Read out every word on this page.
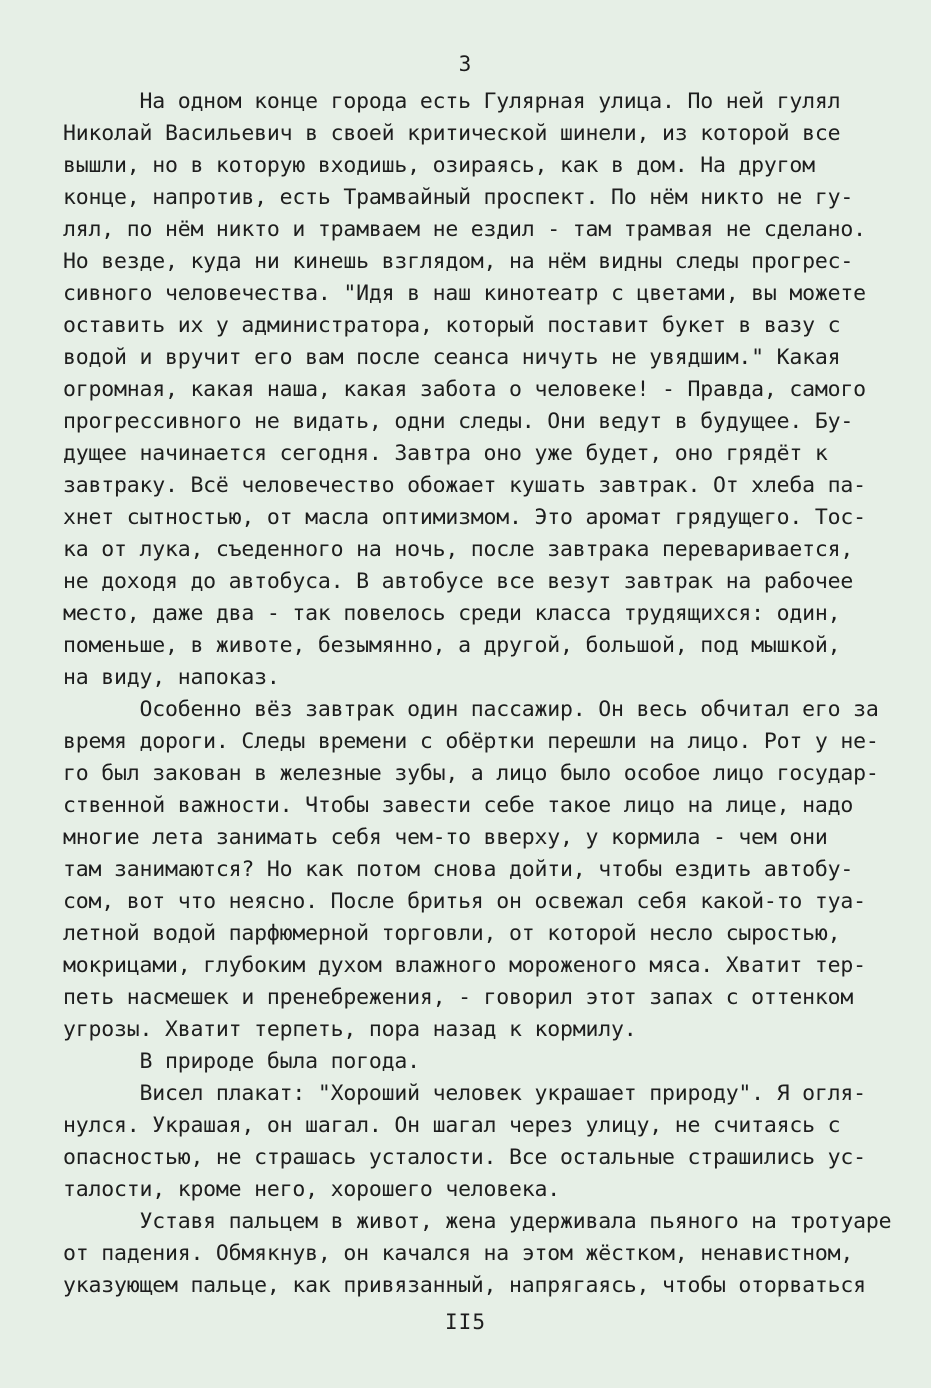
3
На одном конце города есть Гулярная улица. По ней гулял
Николай Васильевич в своей критической шинели, из которой все
вышли, но в которую входишь, озираясь, как в дом. На другом
конце, напротив, есть Трамвайный проспект. По нём никто не гу-
лял, по нём никто и трамваем не ездил - там трамвая не сделано.
Но везде, куда ни кинешь взглядом, на нём видны следы прогрес-
сивного человечества. "Идя в наш кинотеатр с цветами, вы можете
оставить их у администратора, который поставит букет в вазу с
водой и вручит его вам после сеанса ничуть не увядшим." Какая
огромная, какая наша, какая забота о человеке! - Правда, самого
прогрессивного не видать, одни следы. Они ведут в будущее. Бу-
дущее начинается сегодня. Завтра оно уже будет, оно грядёт к
завтраку. Всё человечество обожает кушать завтрак. От хлеба па-
хнет сытностью, от масла оптимизмом. Это аромат грядущего. Тос-
ка от лука, съеденного на ночь, после завтрака переваривается,
не доходя до автобуса. В автобусе все везут завтрак на рабочее
место, даже два - так повелось среди класса трудящихся: один,
поменьше, в животе, безымянно, а другой, большой, под мышкой,
на виду, напоказ.
Особенно вёз завтрак один пассажир. Он весь обчитал его за
время дороги. Следы времени с обёртки перешли на лицо. Рот у не-
го был закован в железные зубы, а лицо было особое лицо государ-
ственной важности. Чтобы завести себе такое лицо на лице, надо
многие лета занимать себя чем-то вверху, у кормила - чем они
там занимаются? Но как потом снова дойти, чтобы ездить автобу-
сом, вот что неясно. После бритья он освежал себя какой-то туа-
летной водой парфюмерной торговли, от которой несло сыростью,
мокрицами, глубоким духом влажного мороженого мяса. Хватит тер-
петь насмешек и пренебрежения, - говорил этот запах с оттенком
угрозы. Хватит терпеть, пора назад к кормилу.
В природе была погода.
Висел плакат: "Хороший человек украшает природу". Я огля-
нулся. Украшая, он шагал. Он шагал через улицу, не считаясь с
опасностью, не страшась усталости. Все остальные страшились ус-
талости, кроме него, хорошего человека.
Уставя пальцем в живот, жена удерживала пьяного на тротуаре
от падения. Обмякнув, он качался на этом жёстком, ненавистном,
указующем пальце, как привязанный, напрягаясь, чтобы оторваться
II5
